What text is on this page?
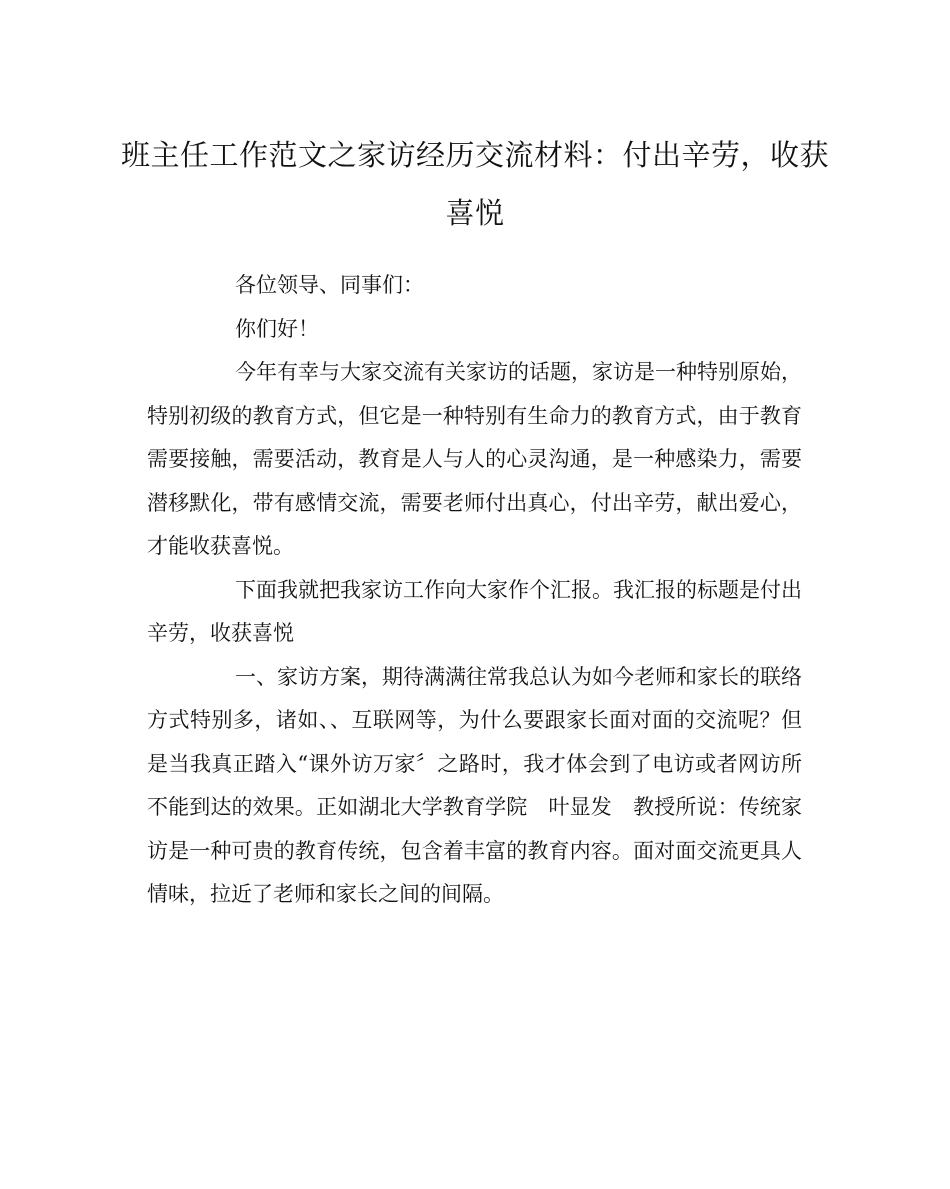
班主任工作范文之家访经历交流材料：付出辛劳，收获喜悦

各位领导、同事们：

你们好！

今年有幸与大家交流有关家访的话题，家访是一种特别原始，特别初级的教育方式，但它是一种特别有生命力的教育方式，由于教育需要接触，需要活动，教育是人与人的心灵沟通，是一种感染力，需要潜移默化，带有感情交流，需要老师付出真心，付出辛劳，献出爱心，才能收获喜悦。

下面我就把我家访工作向大家作个汇报。我汇报的标题是付出辛劳，收获喜悦

一、家访方案，期待满满往常我总认为如今老师和家长的联络方式特别多，诸如、、互联网等，为什么要跟家长面对面的交流呢？但是当我真正踏入“课外访万家〞之路时，我才体会到了电访或者网访所不能到达的效果。正如湖北大学教育学院　叶显发　教授所说：传统家访是一种可贵的教育传统，包含着丰富的教育内容。面对面交流更具人情味，拉近了老师和家长之间的间隔。
